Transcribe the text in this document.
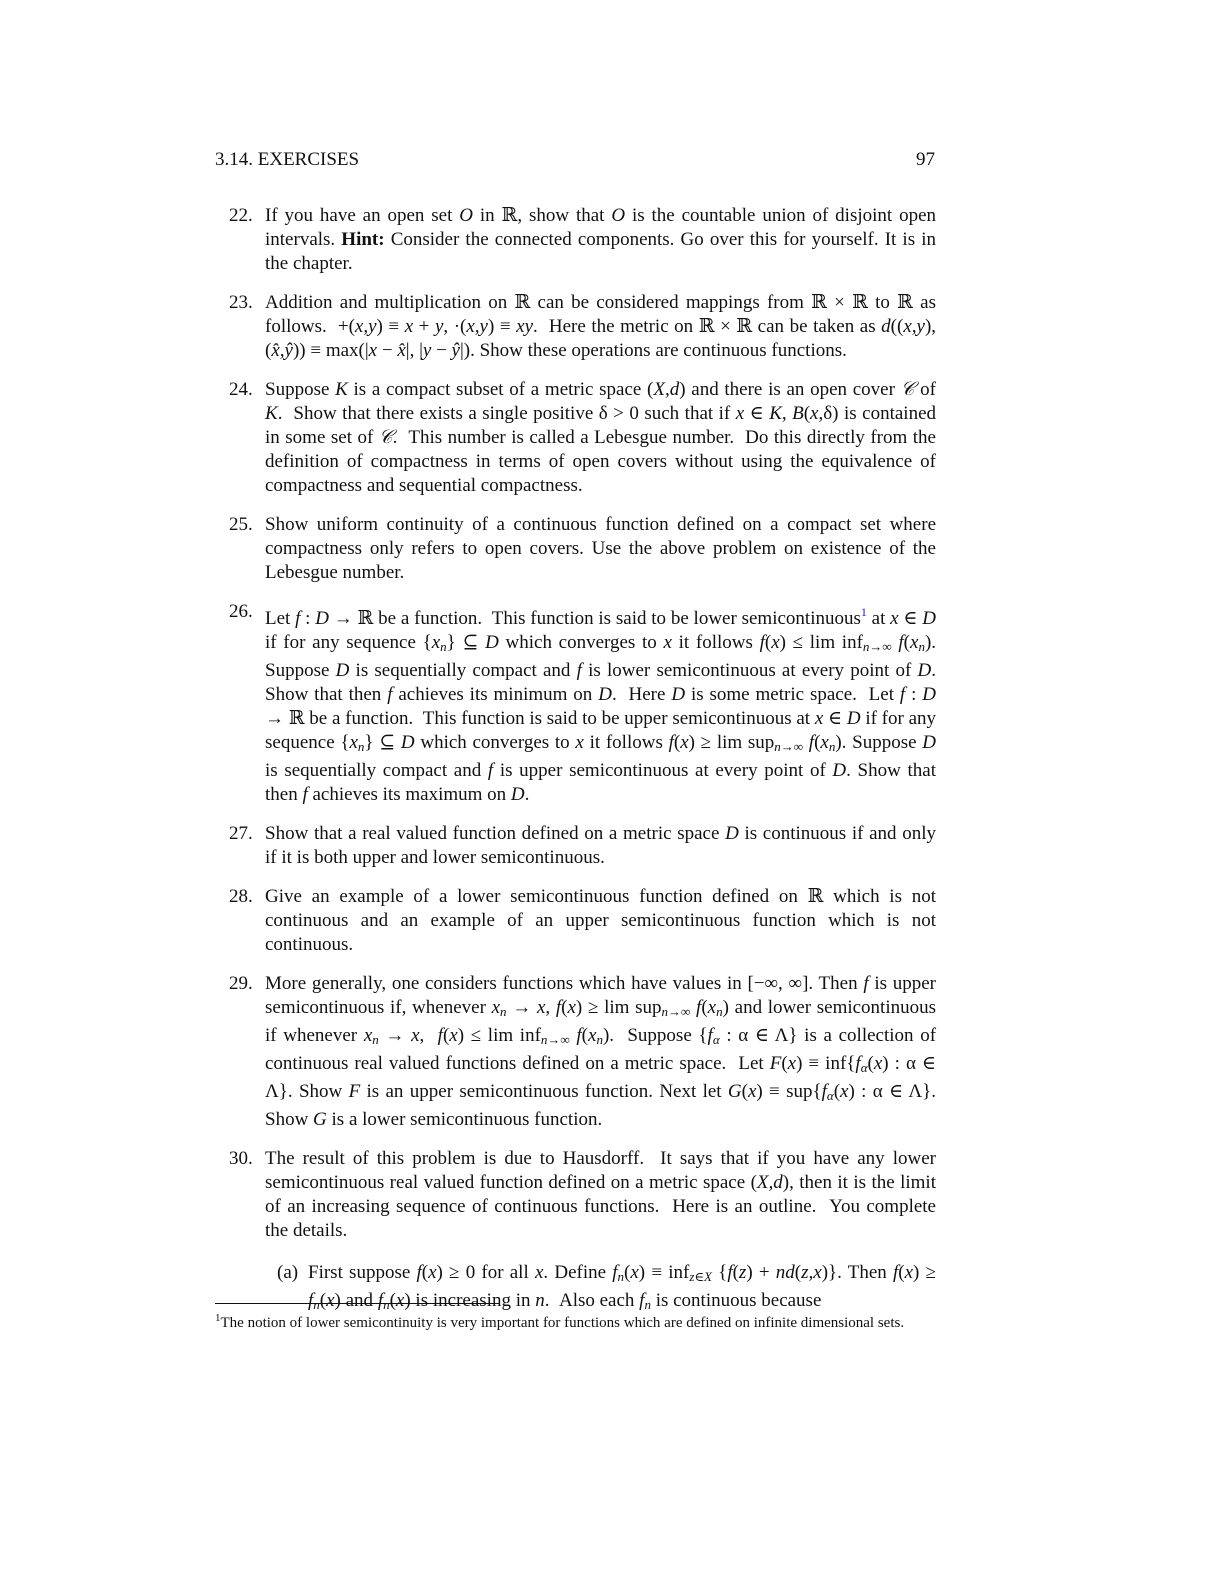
3.14. EXERCISES	97
22. If you have an open set O in ℝ, show that O is the countable union of disjoint open intervals. Hint: Consider the connected components. Go over this for yourself. It is in the chapter.

23. Addition and multiplication on ℝ can be considered mappings from ℝ × ℝ to ℝ as follows.  +(x,y) ≡ x + y, ·(x,y) ≡ xy.  Here the metric on ℝ × ℝ can be taken as d((x,y), (x̂,ŷ)) ≡ max(|x − x̂|, |y − ŷ|). Show these operations are continuous functions.

24. Suppose K is a compact subset of a metric space (X,d) and there is an open cover 𝒞 of K.  Show that there exists a single positive δ > 0 such that if x ∈ K, B(x,δ) is contained in some set of 𝒞.  This number is called a Lebesgue number.  Do this directly from the definition of compactness in terms of open covers without using the equivalence of compactness and sequential compactness.

25. Show uniform continuity of a continuous function defined on a compact set where compactness only refers to open covers. Use the above problem on existence of the Lebesgue number.

26. Let f : D → ℝ be a function.  This function is said to be lower semicontinuous$^1$ at x ∈ D if for any sequence {xn} ⊆ D which converges to x it follows f(x) ≤ lim infn→∞ f(xn). Suppose D is sequentially compact and f is lower semicontinuous at every point of D. Show that then f achieves its minimum on D.  Here D is some metric space.  Let f : D → ℝ be a function.  This function is said to be upper semicontinuous at x ∈ D if for any sequence {xn} ⊆ D which converges to x it follows f(x) ≥ lim supn→∞ f(xn). Suppose D is sequentially compact and f is upper semicontinuous at every point of D. Show that then f achieves its maximum on D.

27. Show that a real valued function defined on a metric space D is continuous if and only if it is both upper and lower semicontinuous.

28. Give an example of a lower semicontinuous function defined on ℝ which is not continuous and an example of an upper semicontinuous function which is not continuous.

29. More generally, one considers functions which have values in [−∞, ∞]. Then f is upper semicontinuous if, whenever xn → x, f(x) ≥ lim supn→∞ f(xn) and lower semicontinuous if whenever xn → x,  f(x) ≤ lim infn→∞ f(xn).  Suppose {fα : α ∈ Λ} is a collection of continuous real valued functions defined on a metric space.  Let F(x) ≡ inf{fα(x) : α ∈ Λ}. Show F is an upper semicontinuous function. Next let G(x) ≡ sup{fα(x) : α ∈ Λ}. Show G is a lower semicontinuous function.

30. The result of this problem is due to Hausdorff.  It says that if you have any lower semicontinuous real valued function defined on a metric space (X,d), then it is the limit of an increasing sequence of continuous functions.  Here is an outline.  You complete the details.

(a) First suppose f(x) ≥ 0 for all x. Define fn(x) ≡ infz∈X {f(z) + nd(z,x)}. Then f(x) ≥ fn(x) and fn(x) is increasing in n.  Also each fn is continuous because

$^1$The notion of lower semicontinuity is very important for functions which are defined on infinite dimensional sets.
